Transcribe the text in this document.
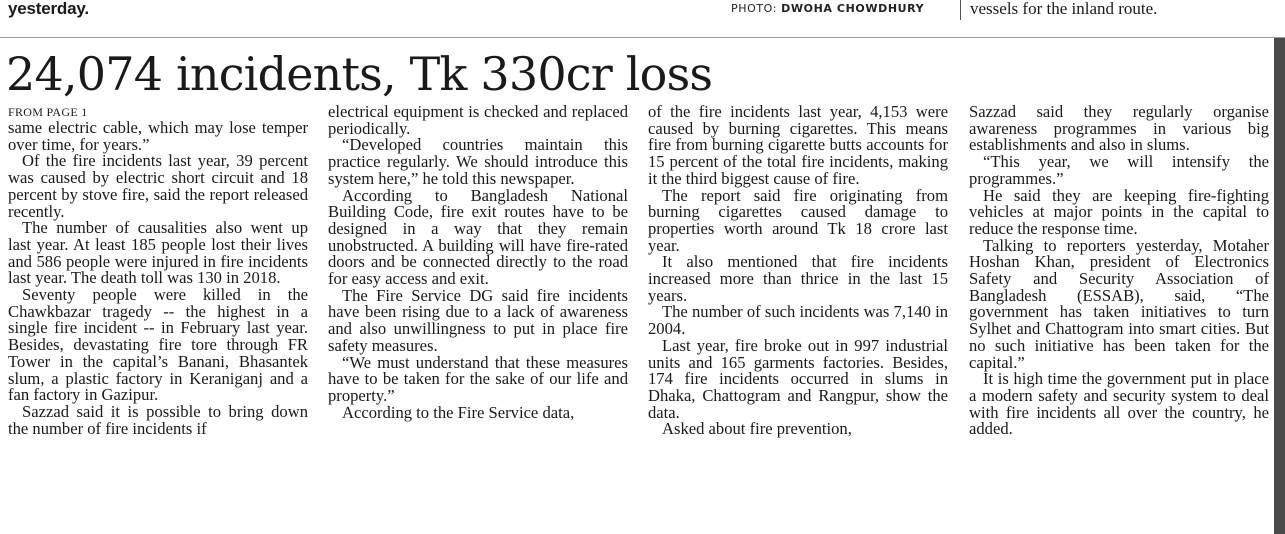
yesterday.	PHOTO: DWOHA CHOWDHURY	vessels for the inland route.
24,074 incidents, Tk 330cr loss
FROM PAGE 1

same electric cable, which may lose temper over time, for years.”

Of the fire incidents last year, 39 percent was caused by electric short circuit and 18 percent by stove fire, said the report released recently.

The number of causalities also went up last year. At least 185 people lost their lives and 586 people were injured in fire incidents last year. The death toll was 130 in 2018.

Seventy people were killed in the Chawkbazar tragedy -- the highest in a single fire incident -- in February last year. Besides, devastating fire tore through FR Tower in the capital’s Banani, Bhasantek slum, a plastic factory in Keraniganj and a fan factory in Gazipur.

Sazzad said it is possible to bring down the number of fire incidents if

electrical equipment is checked and replaced periodically.

“Developed countries maintain this practice regularly. We should introduce this system here,” he told this newspaper.

According to Bangladesh National Building Code, fire exit routes have to be designed in a way that they remain unobstructed. A building will have fire-rated doors and be connected directly to the road for easy access and exit.

The Fire Service DG said fire incidents have been rising due to a lack of awareness and also unwillingness to put in place fire safety measures.

“We must understand that these measures have to be taken for the sake of our life and property.”

According to the Fire Service data,

of the fire incidents last year, 4,153 were caused by burning cigarettes. This means fire from burning cigarette butts accounts for 15 percent of the total fire incidents, making it the third biggest cause of fire.

The report said fire originating from burning cigarettes caused damage to properties worth around Tk 18 crore last year.

It also mentioned that fire incidents increased more than thrice in the last 15 years.

The number of such incidents was 7,140 in 2004.

Last year, fire broke out in 997 industrial units and 165 garments factories. Besides, 174 fire incidents occurred in slums in Dhaka, Chattogram and Rangpur, show the data.

Asked about fire prevention,

Sazzad said they regularly organise awareness programmes in various big establishments and also in slums.

“This year, we will intensify the programmes.”

He said they are keeping fire-fighting vehicles at major points in the capital to reduce the response time.

Talking to reporters yesterday, Motaher Hoshan Khan, president of Electronics Safety and Security Association of Bangladesh (ESSAB), said, “The government has taken initiatives to turn Sylhet and Chattogram into smart cities. But no such initiative has been taken for the capital.”

It is high time the government put in place a modern safety and security system to deal with fire incidents all over the country, he added.
